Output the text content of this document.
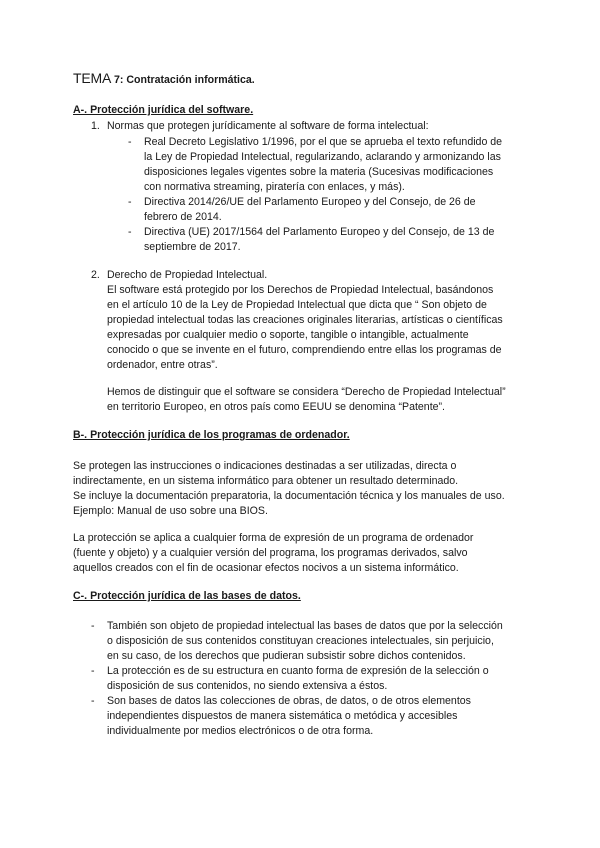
TEMA 7: Contratación informática.
A-. Protección jurídica del software.
1. Normas que protegen jurídicamente al software de forma intelectual:
- Real Decreto Legislativo 1/1996, por el que se aprueba el texto refundido de
la Ley de Propiedad Intelectual, regularizando, aclarando y armonizando las
disposiciones legales vigentes sobre la materia (Sucesivas modificaciones
con normativa streaming, piratería con enlaces, y más).
- Directiva 2014/26/UE del Parlamento Europeo y del Consejo, de 26 de
febrero de 2014.
- Directiva (UE) 2017/1564 del Parlamento Europeo y del Consejo, de 13 de
septiembre de 2017.
2. Derecho de Propiedad Intelectual.
El software está protegido por los Derechos de Propiedad Intelectual, basándonos
en el artículo 10 de la Ley de Propiedad Intelectual que dicta que “ Son objeto de
propiedad intelectual todas las creaciones originales literarias, artísticas o científicas
expresadas por cualquier medio o soporte, tangible o intangible, actualmente
conocido o que se invente en el futuro, comprendiendo entre ellas los programas de
ordenador, entre otras”.
Hemos de distinguir que el software se considera “Derecho de Propiedad Intelectual”
en territorio Europeo, en otros país como EEUU se denomina “Patente”.
B-. Protección jurídica de los programas de ordenador.
Se protegen las instrucciones o indicaciones destinadas a ser utilizadas, directa o
indirectamente, en un sistema informático para obtener un resultado determinado.
Se incluye la documentación preparatoria, la documentación técnica y los manuales de uso.
Ejemplo: Manual de uso sobre una BIOS.
La protección se aplica a cualquier forma de expresión de un programa de ordenador
(fuente y objeto) y a cualquier versión del programa, los programas derivados, salvo
aquellos creados con el fin de ocasionar efectos nocivos a un sistema informático.
C-. Protección jurídica de las bases de datos.
- También son objeto de propiedad intelectual las bases de datos que por la selección
o disposición de sus contenidos constituyan creaciones intelectuales, sin perjuicio,
en su caso, de los derechos que pudieran subsistir sobre dichos contenidos.
- La protección es de su estructura en cuanto forma de expresión de la selección o
disposición de sus contenidos, no siendo extensiva a éstos.
- Son bases de datos las colecciones de obras, de datos, o de otros elementos
independientes dispuestos de manera sistemática o metódica y accesibles
individualmente por medios electrónicos o de otra forma.
